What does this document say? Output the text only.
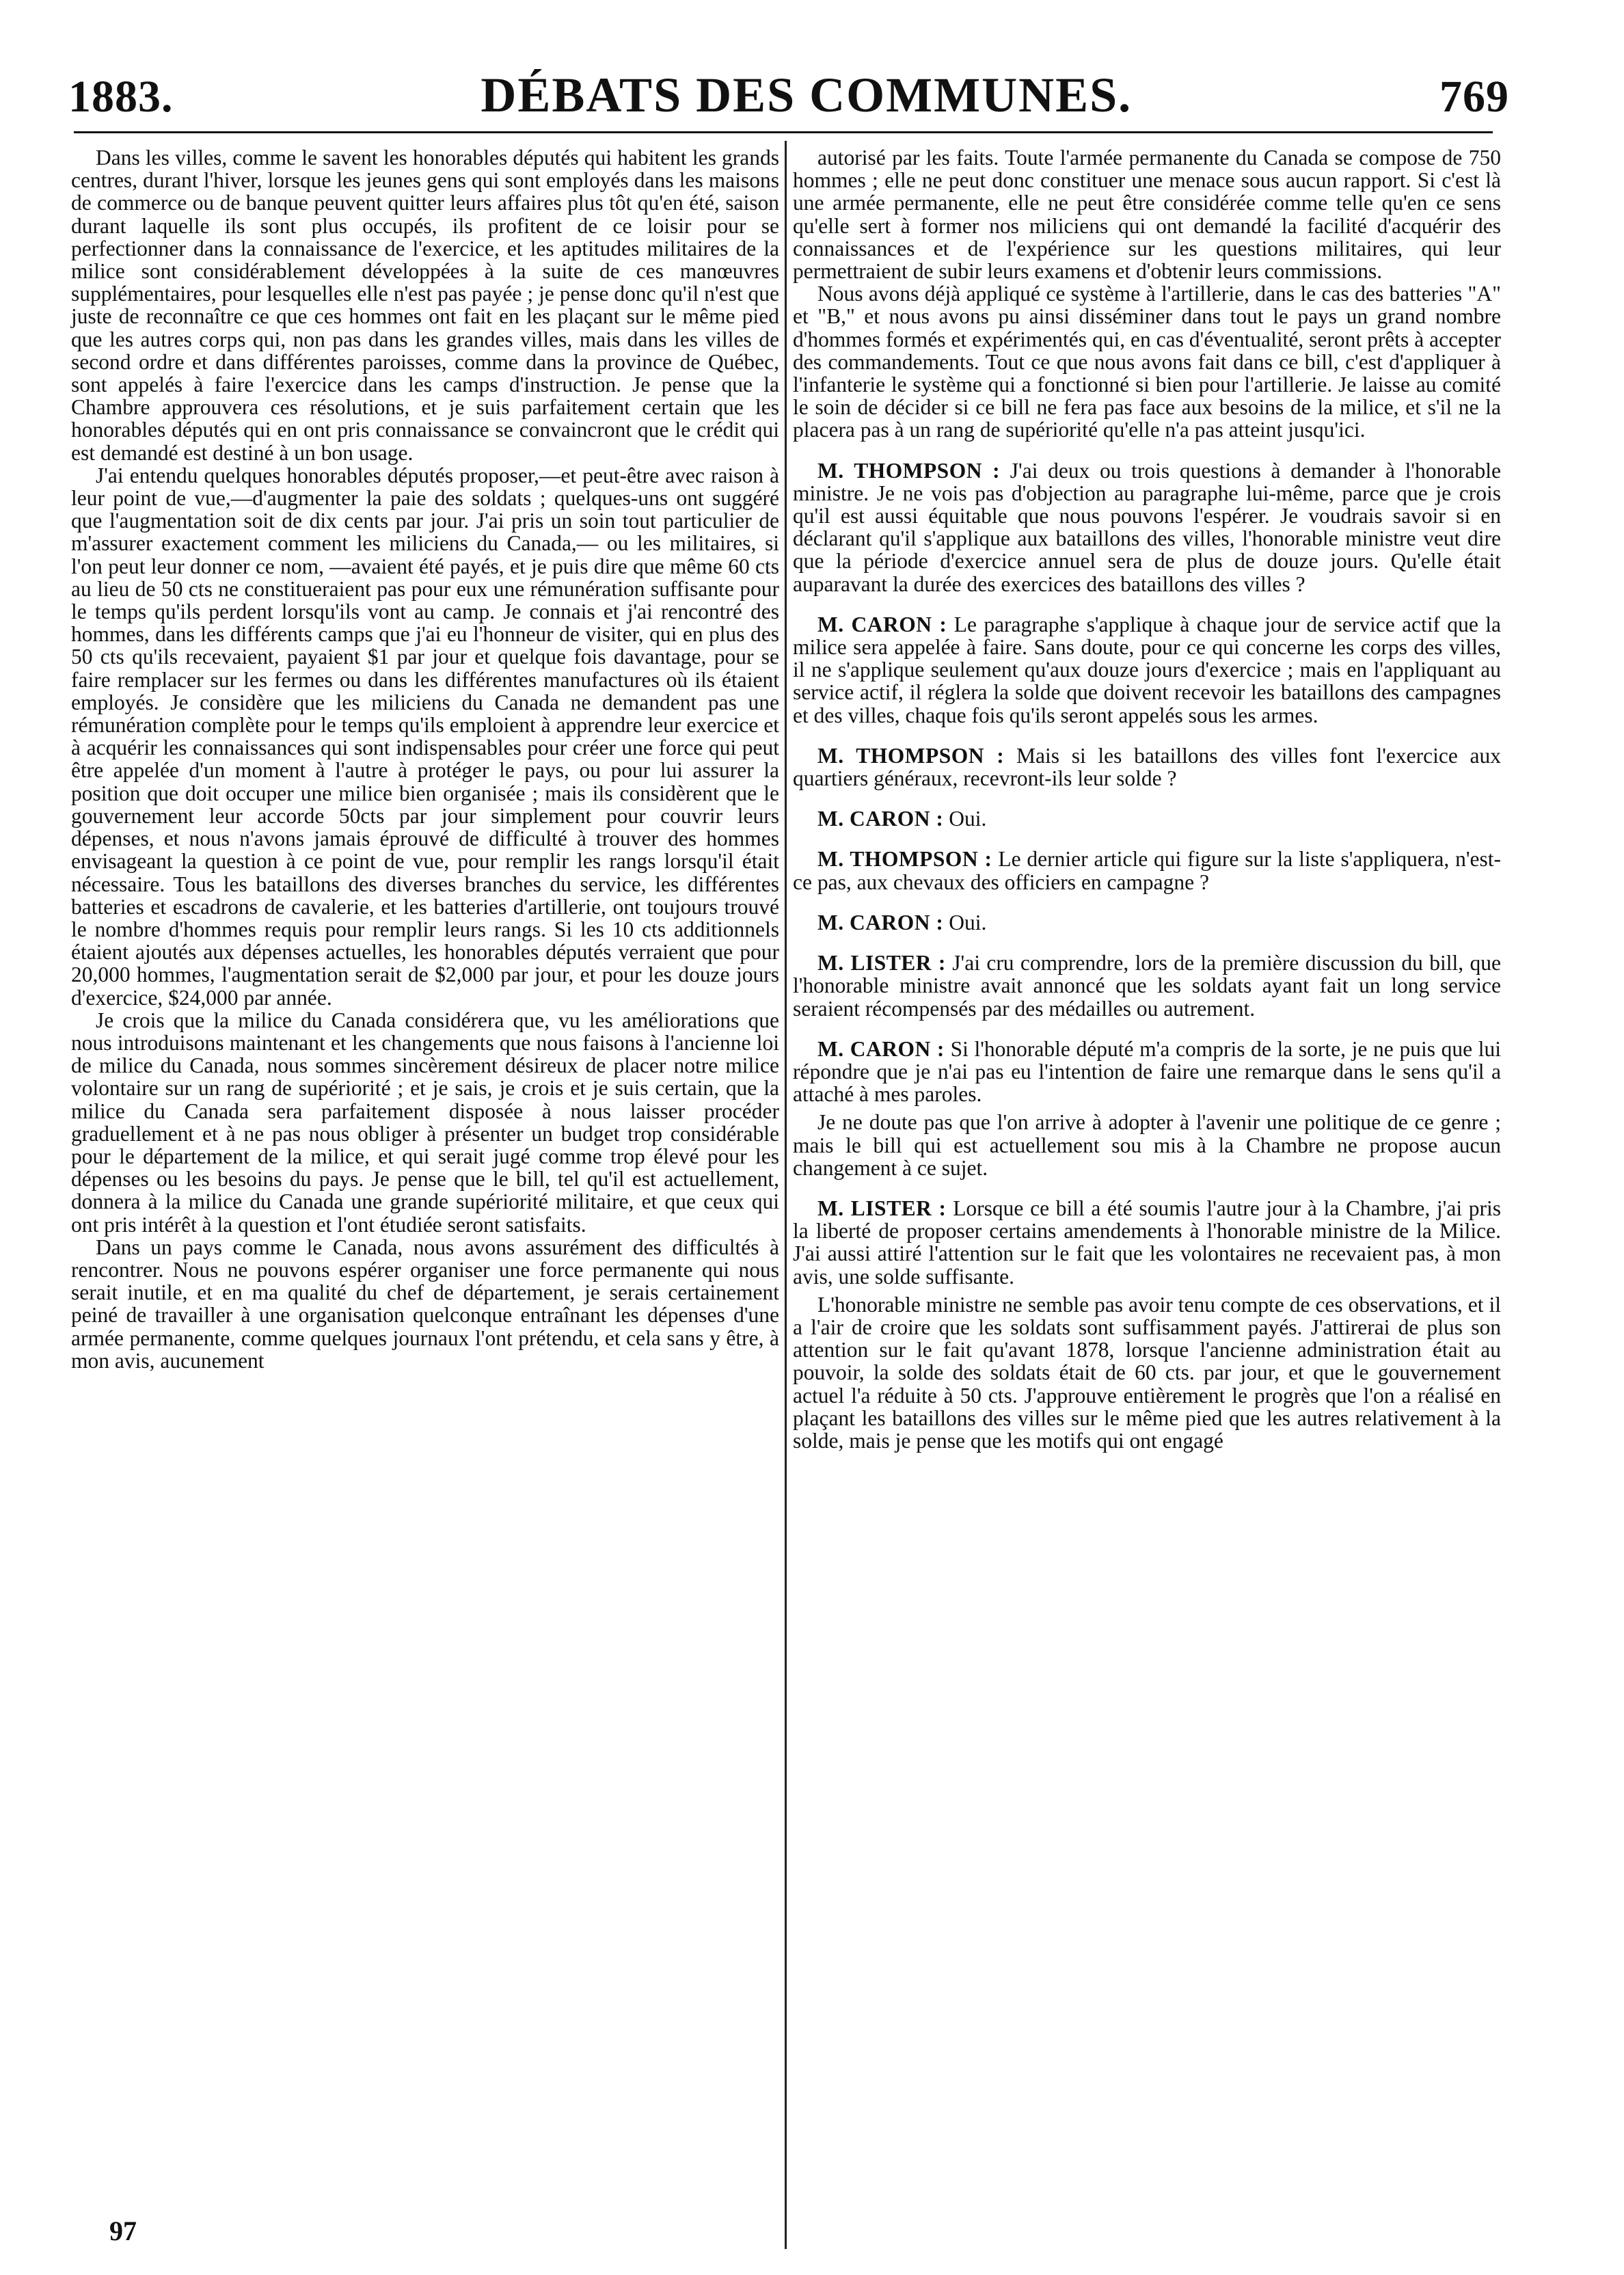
1883.	DÉBATS DES COMMUNES.	769

Dans les villes, comme le savent les honorables députés qui habitent les grands centres, durant l'hiver, lorsque les jeunes gens qui sont employés dans les maisons de commerce ou de banque peuvent quitter leurs affaires plus tôt qu'en été, saison durant laquelle ils sont plus occupés, ils profitent de ce loisir pour se perfectionner dans la connaissance de l'exercice, et les aptitudes militaires de la milice sont considérablement développées à la suite de ces manœuvres supplémentaires, pour lesquelles elle n'est pas payée ; je pense donc qu'il n'est que juste de reconnaître ce que ces hommes ont fait en les plaçant sur le même pied que les autres corps qui, non pas dans les grandes villes, mais dans les villes de second ordre et dans différentes paroisses, comme dans la province de Québec, sont appelés à faire l'exercice dans les camps d'instruction. Je pense que la Chambre approuvera ces résolutions, et je suis parfaitement certain que les honorables députés qui en ont pris connaissance se convaincront que le crédit qui est demandé est destiné à un bon usage.

J'ai entendu quelques honorables députés proposer,—et peut-être avec raison à leur point de vue,—d'augmenter la paie des soldats ; quelques-uns ont suggéré que l'augmentation soit de dix cents par jour. J'ai pris un soin tout particulier de m'assurer exactement comment les miliciens du Canada,— ou les militaires, si l'on peut leur donner ce nom, —avaient été payés, et je puis dire que même 60 cts au lieu de 50 cts ne constitueraient pas pour eux une rémunération suffisante pour le temps qu'ils perdent lorsqu'ils vont au camp. Je connais et j'ai rencontré des hommes, dans les différents camps que j'ai eu l'honneur de visiter, qui en plus des 50 cts qu'ils recevaient, payaient $1 par jour et quelque fois davantage, pour se faire remplacer sur les fermes ou dans les différentes manufactures où ils étaient employés. Je considère que les miliciens du Canada ne demandent pas une rémunération complète pour le temps qu'ils emploient à apprendre leur exercice et à acquérir les connaissances qui sont indispensables pour créer une force qui peut être appelée d'un moment à l'autre à protéger le pays, ou pour lui assurer la position que doit occuper une milice bien organisée ; mais ils considèrent que le gouvernement leur accorde 50cts par jour simplement pour couvrir leurs dépenses, et nous n'avons jamais éprouvé de difficulté à trouver des hommes envisageant la question à ce point de vue, pour remplir les rangs lorsqu'il était nécessaire. Tous les bataillons des diverses branches du service, les différentes batteries et escadrons de cavalerie, et les batteries d'artillerie, ont toujours trouvé le nombre d'hommes requis pour remplir leurs rangs. Si les 10 cts additionnels étaient ajoutés aux dépenses actuelles, les honorables députés verraient que pour 20,000 hommes, l'augmentation serait de $2,000 par jour, et pour les douze jours d'exercice, $24,000 par année.

Je crois que la milice du Canada considérera que, vu les améliorations que nous introduisons maintenant et les changements que nous faisons à l'ancienne loi de milice du Canada, nous sommes sincèrement désireux de placer notre milice volontaire sur un rang de supériorité ; et je sais, je crois et je suis certain, que la milice du Canada sera parfaitement disposée à nous laisser procéder graduellement et à ne pas nous obliger à présenter un budget trop considérable pour le département de la milice, et qui serait jugé comme trop élevé pour les dépenses ou les besoins du pays. Je pense que le bill, tel qu'il est actuellement, donnera à la milice du Canada une grande supériorité militaire, et que ceux qui ont pris intérêt à la question et l'ont étudiée seront satisfaits.

Dans un pays comme le Canada, nous avons assurément des difficultés à rencontrer. Nous ne pouvons espérer organiser une force permanente qui nous serait inutile, et en ma qualité du chef de département, je serais certainement peiné de travailler à une organisation quelconque entraînant les dépenses d'une armée permanente, comme quelques journaux l'ont prétendu, et cela sans y être, à mon avis, aucunement

autorisé par les faits. Toute l'armée permanente du Canada se compose de 750 hommes ; elle ne peut donc constituer une menace sous aucun rapport. Si c'est là une armée permanente, elle ne peut être considérée comme telle qu'en ce sens qu'elle sert à former nos miliciens qui ont demandé la facilité d'acquérir des connaissances et de l'expérience sur les questions militaires, qui leur permettraient de subir leurs examens et d'obtenir leurs commissions.

Nous avons déjà appliqué ce système à l'artillerie, dans le cas des batteries "A" et "B," et nous avons pu ainsi disséminer dans tout le pays un grand nombre d'hommes formés et expérimentés qui, en cas d'éventualité, seront prêts à accepter des commandements. Tout ce que nous avons fait dans ce bill, c'est d'appliquer à l'infanterie le système qui a fonctionné si bien pour l'artillerie. Je laisse au comité le soin de décider si ce bill ne fera pas face aux besoins de la milice, et s'il ne la placera pas à un rang de supériorité qu'elle n'a pas atteint jusqu'ici.

M. THOMPSON : J'ai deux ou trois questions à demander à l'honorable ministre. Je ne vois pas d'objection au paragraphe lui-même, parce que je crois qu'il est aussi équitable que nous pouvons l'espérer. Je voudrais savoir si en déclarant qu'il s'applique aux bataillons des villes, l'honorable ministre veut dire que la période d'exercice annuel sera de plus de douze jours. Qu'elle était auparavant la durée des exercices des bataillons des villes ?

M. CARON : Le paragraphe s'applique à chaque jour de service actif que la milice sera appelée à faire. Sans doute, pour ce qui concerne les corps des villes, il ne s'applique seulement qu'aux douze jours d'exercice ; mais en l'appliquant au service actif, il réglera la solde que doivent recevoir les bataillons des campagnes et des villes, chaque fois qu'ils seront appelés sous les armes.

M. THOMPSON : Mais si les bataillons des villes font l'exercice aux quartiers généraux, recevront-ils leur solde ?

M. CARON : Oui.

M. THOMPSON : Le dernier article qui figure sur la liste s'appliquera, n'est-ce pas, aux chevaux des officiers en campagne ?

M. CARON : Oui.

M. LISTER : J'ai cru comprendre, lors de la première discussion du bill, que l'honorable ministre avait annoncé que les soldats ayant fait un long service seraient récompensés par des médailles ou autrement.

M. CARON : Si l'honorable député m'a compris de la sorte, je ne puis que lui répondre que je n'ai pas eu l'intention de faire une remarque dans le sens qu'il a attaché à mes paroles.

Je ne doute pas que l'on arrive à adopter à l'avenir une politique de ce genre ; mais le bill qui est actuellement sou mis à la Chambre ne propose aucun changement à ce sujet.

M. LISTER : Lorsque ce bill a été soumis l'autre jour à la Chambre, j'ai pris la liberté de proposer certains amendements à l'honorable ministre de la Milice. J'ai aussi attiré l'attention sur le fait que les volontaires ne recevaient pas, à mon avis, une solde suffisante.

L'honorable ministre ne semble pas avoir tenu compte de ces observations, et il a l'air de croire que les soldats sont suffisamment payés. J'attirerai de plus son attention sur le fait qu'avant 1878, lorsque l'ancienne administration était au pouvoir, la solde des soldats était de 60 cts. par jour, et que le gouvernement actuel l'a réduite à 50 cts. J'approuve entièrement le progrès que l'on a réalisé en plaçant les bataillons des villes sur le même pied que les autres relativement à la solde, mais je pense que les motifs qui ont engagé

97
